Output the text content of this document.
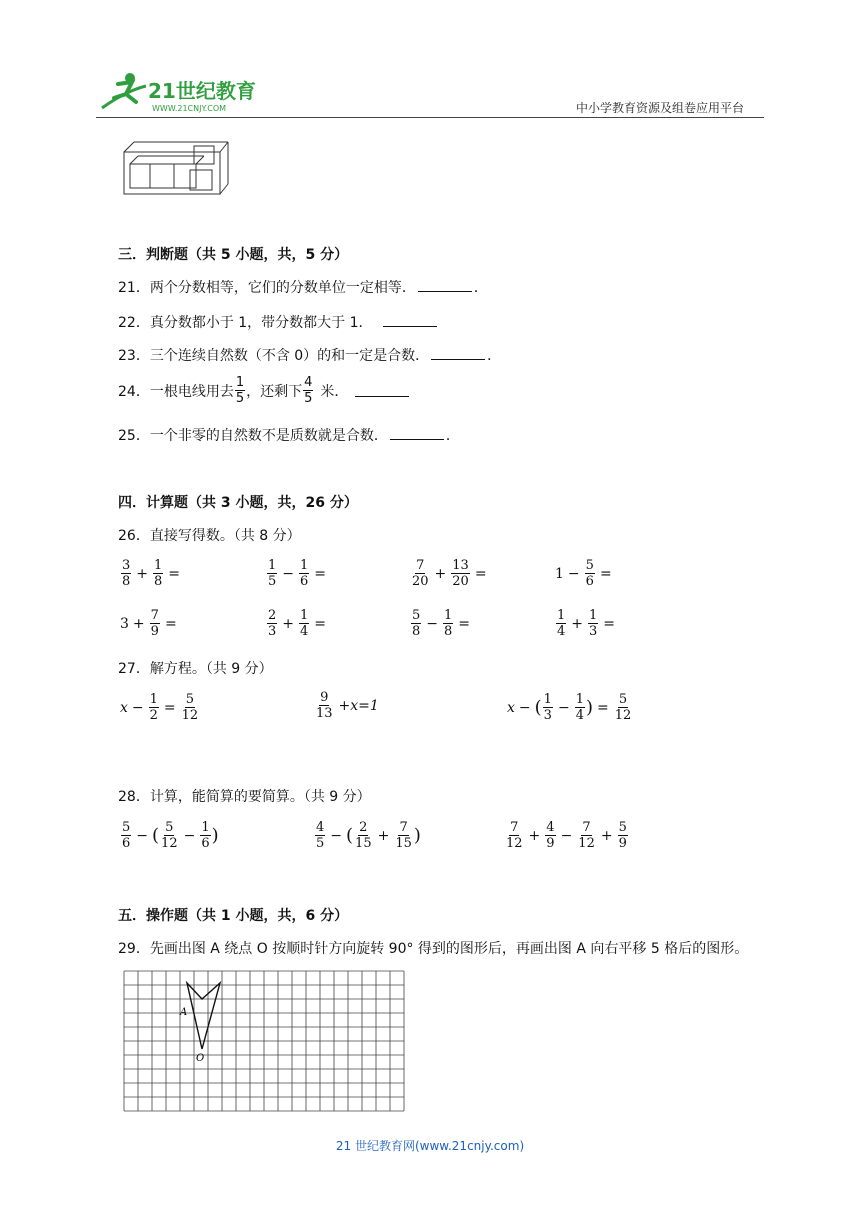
21世纪教育
WWW.21CNJY.COM	中小学教育资源及组卷应用平台
三．判断题（共 5 小题，共，5 分）
21．两个分数相等，它们的分数单位一定相等．	．
22．真分数都小于 1，带分数都大于 1．
23．三个连续自然数（不含 0）的和一定是合数．	．
24．一根电线用去 $\frac{1}{5}$ ，还剩下 $\frac{4}{5}$ 米．

25．一个非零的自然数不是质数就是合数．	．
四．计算题（共 3 小题，共，26 分）
26．直接写得数。（共 8 分）
$\frac{3}{8} + \frac{1}{8}$ =	$\frac{1}{5} - \frac{1}{6}$ =	$\frac{7}{20} + \frac{13}{20}$ =	$1 - \frac{5}{6}$ =
$3 + \frac{7}{9}$ =	$\frac{2}{3} + \frac{1}{4}$ =	$\frac{5}{8} - \frac{1}{8}$ =	$\frac{1}{4} + \frac{1}{3}$ =
27．解方程。（共 9 分）
$x - \frac{1}{2} = \frac{5}{12}$	$\frac{9}{13} +x=1$	x − ( $\frac{1}{3} - \frac{1}{4}$ ) = $\frac{5}{12}$
28．计算，能简算的要简算。（共 9 分）
$\frac{5}{6}$ − ( $\frac{5}{12} - \frac{1}{6}$ )	$\frac{4}{5}$ − ( $\frac{2}{15} + \frac{7}{15}$ )	$\frac{7}{12} + \frac{4}{9} - \frac{7}{12} + \frac{5}{9}$
五．操作题（共 1 小题，共，6 分）
29．先画出图 A 绕点 O 按顺时针方向旋转 90° 得到的图形后，再画出图 A 向右平移 5 格后的图形。
A
O
21 世纪教育网(www.21cnjy.com)
